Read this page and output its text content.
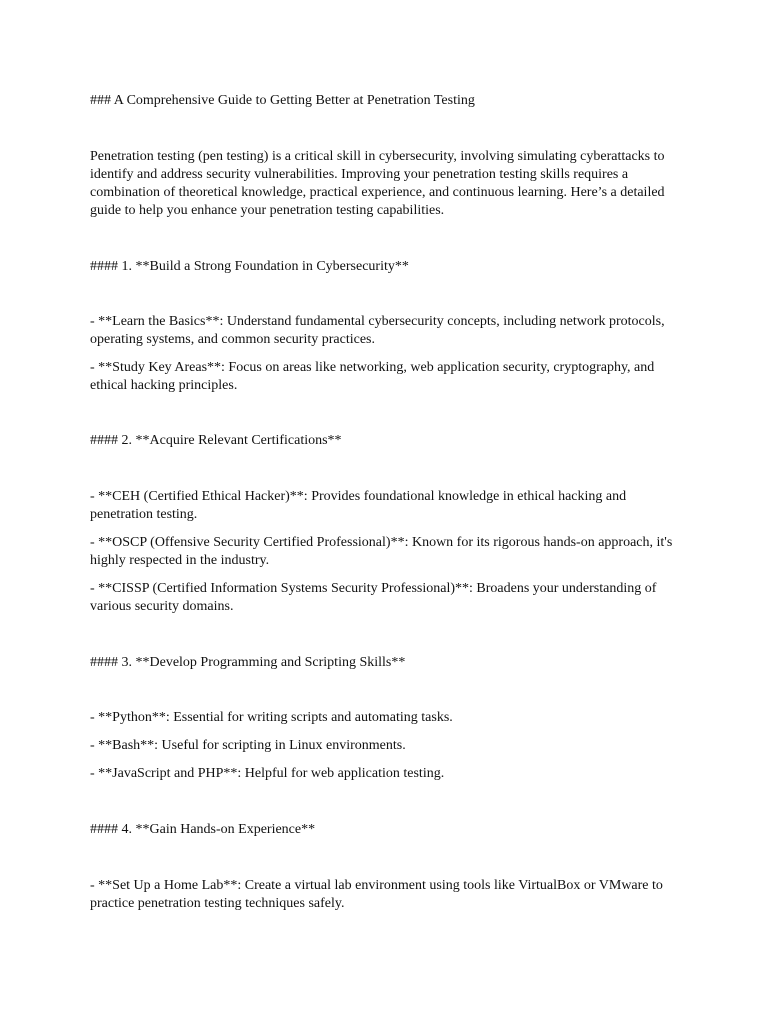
### A Comprehensive Guide to Getting Better at Penetration Testing
Penetration testing (pen testing) is a critical skill in cybersecurity, involving simulating cyberattacks to identify and address security vulnerabilities. Improving your penetration testing skills requires a combination of theoretical knowledge, practical experience, and continuous learning. Here’s a detailed guide to help you enhance your penetration testing capabilities.
#### 1. **Build a Strong Foundation in Cybersecurity**
- **Learn the Basics**: Understand fundamental cybersecurity concepts, including network protocols, operating systems, and common security practices.
- **Study Key Areas**: Focus on areas like networking, web application security, cryptography, and ethical hacking principles.
#### 2. **Acquire Relevant Certifications**
- **CEH (Certified Ethical Hacker)**: Provides foundational knowledge in ethical hacking and penetration testing.
- **OSCP (Offensive Security Certified Professional)**: Known for its rigorous hands-on approach, it's highly respected in the industry.
- **CISSP (Certified Information Systems Security Professional)**: Broadens your understanding of various security domains.
#### 3. **Develop Programming and Scripting Skills**
- **Python**: Essential for writing scripts and automating tasks.
- **Bash**: Useful for scripting in Linux environments.
- **JavaScript and PHP**: Helpful for web application testing.
#### 4. **Gain Hands-on Experience**
- **Set Up a Home Lab**: Create a virtual lab environment using tools like VirtualBox or VMware to practice penetration testing techniques safely.
